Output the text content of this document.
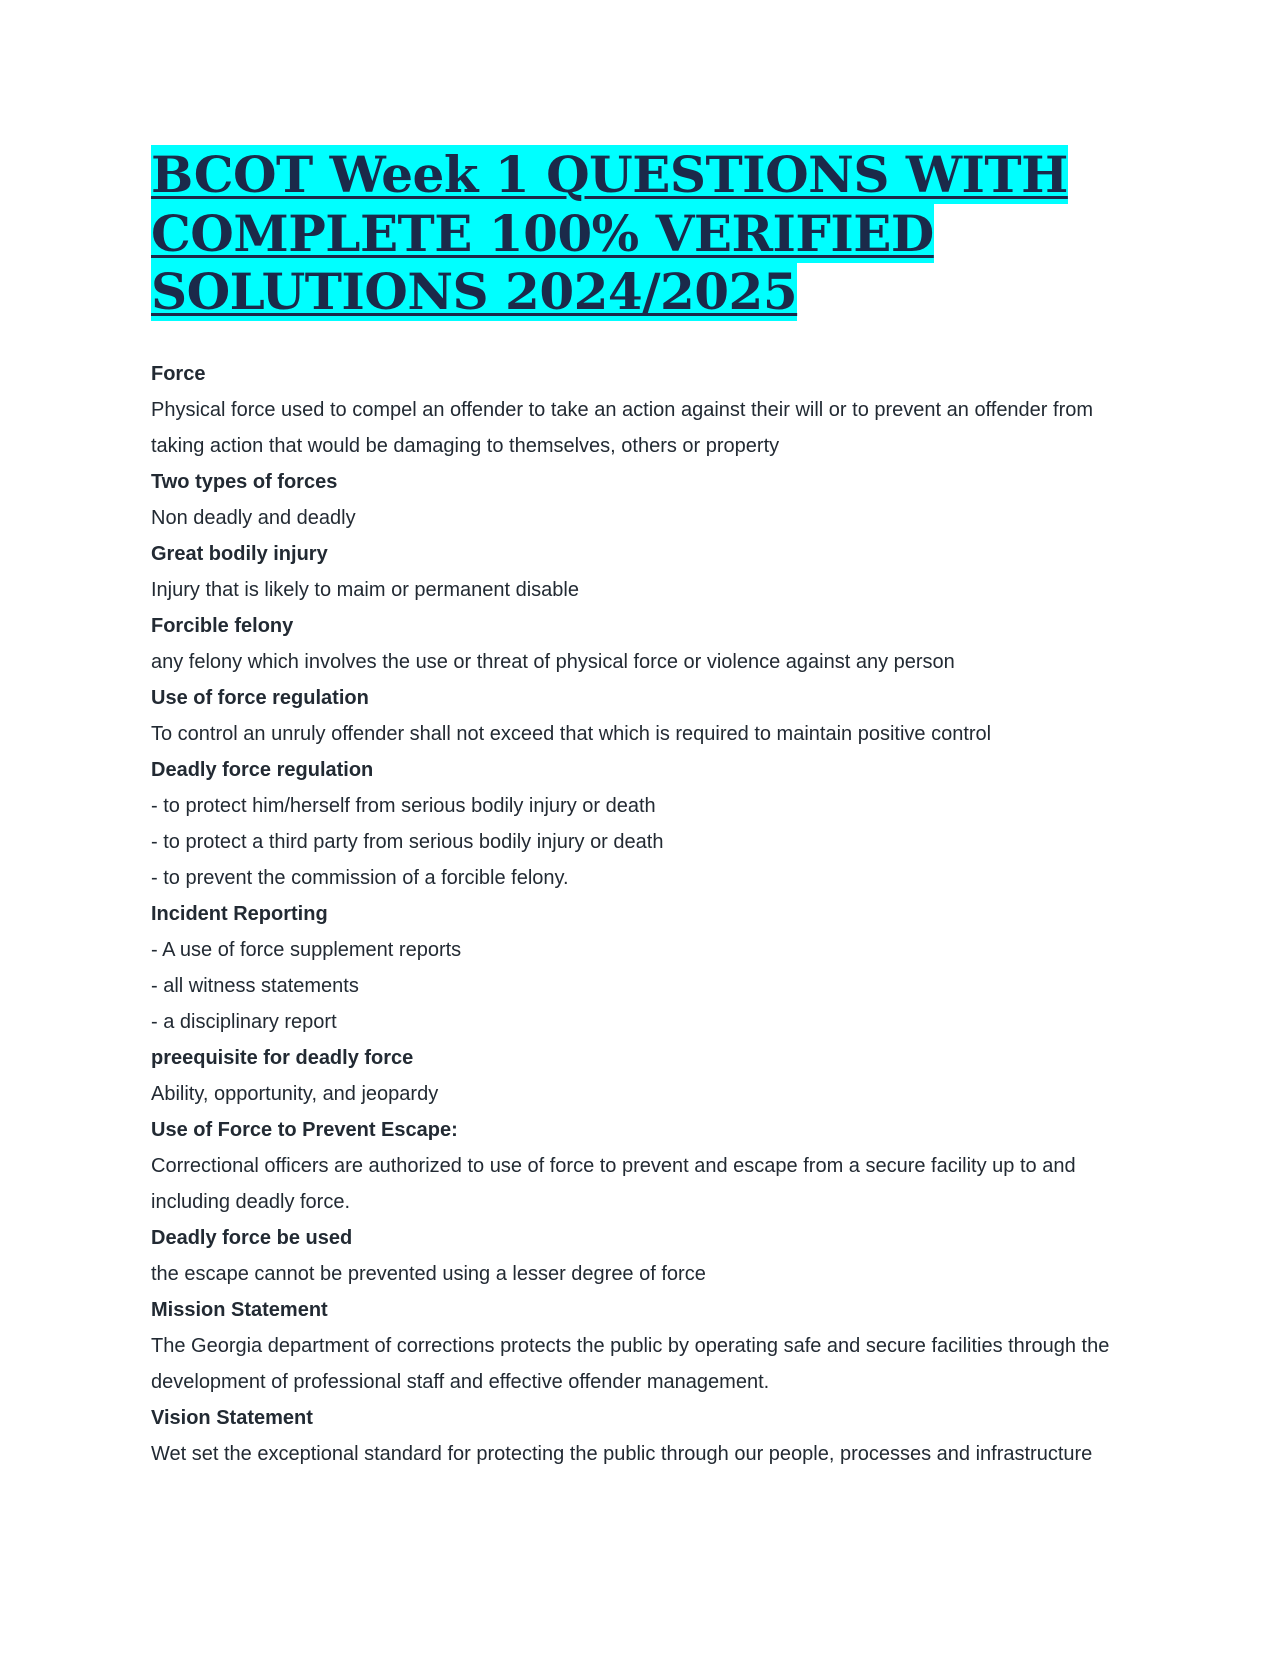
BCOT Week 1 QUESTIONS WITH COMPLETE 100% VERIFIED SOLUTIONS 2024/2025
Force
Physical force used to compel an offender to take an action against their will or to prevent an offender from taking action that would be damaging to themselves, others or property
Two types of forces
Non deadly and deadly
Great bodily injury
Injury that is likely to maim or permanent disable
Forcible felony
any felony which involves the use or threat of physical force or violence against any person
Use of force regulation
To control an unruly offender shall not exceed that which is required to maintain positive control
Deadly force regulation
- to protect him/herself from serious bodily injury or death
- to protect a third party from serious bodily injury or death
- to prevent the commission of a forcible felony.
Incident Reporting
- A use of force supplement reports
- all witness statements
- a disciplinary report
preequisite for deadly force
Ability, opportunity, and jeopardy
Use of Force to Prevent Escape:
Correctional officers are authorized to use of force to prevent and escape from a secure facility up to and including deadly force.
Deadly force be used
the escape cannot be prevented using a lesser degree of force
Mission Statement
The Georgia department of corrections protects the public by operating safe and secure facilities through the development of professional staff and effective offender management.
Vision Statement
Wet set the exceptional standard for protecting the public through our people, processes and infrastructure
